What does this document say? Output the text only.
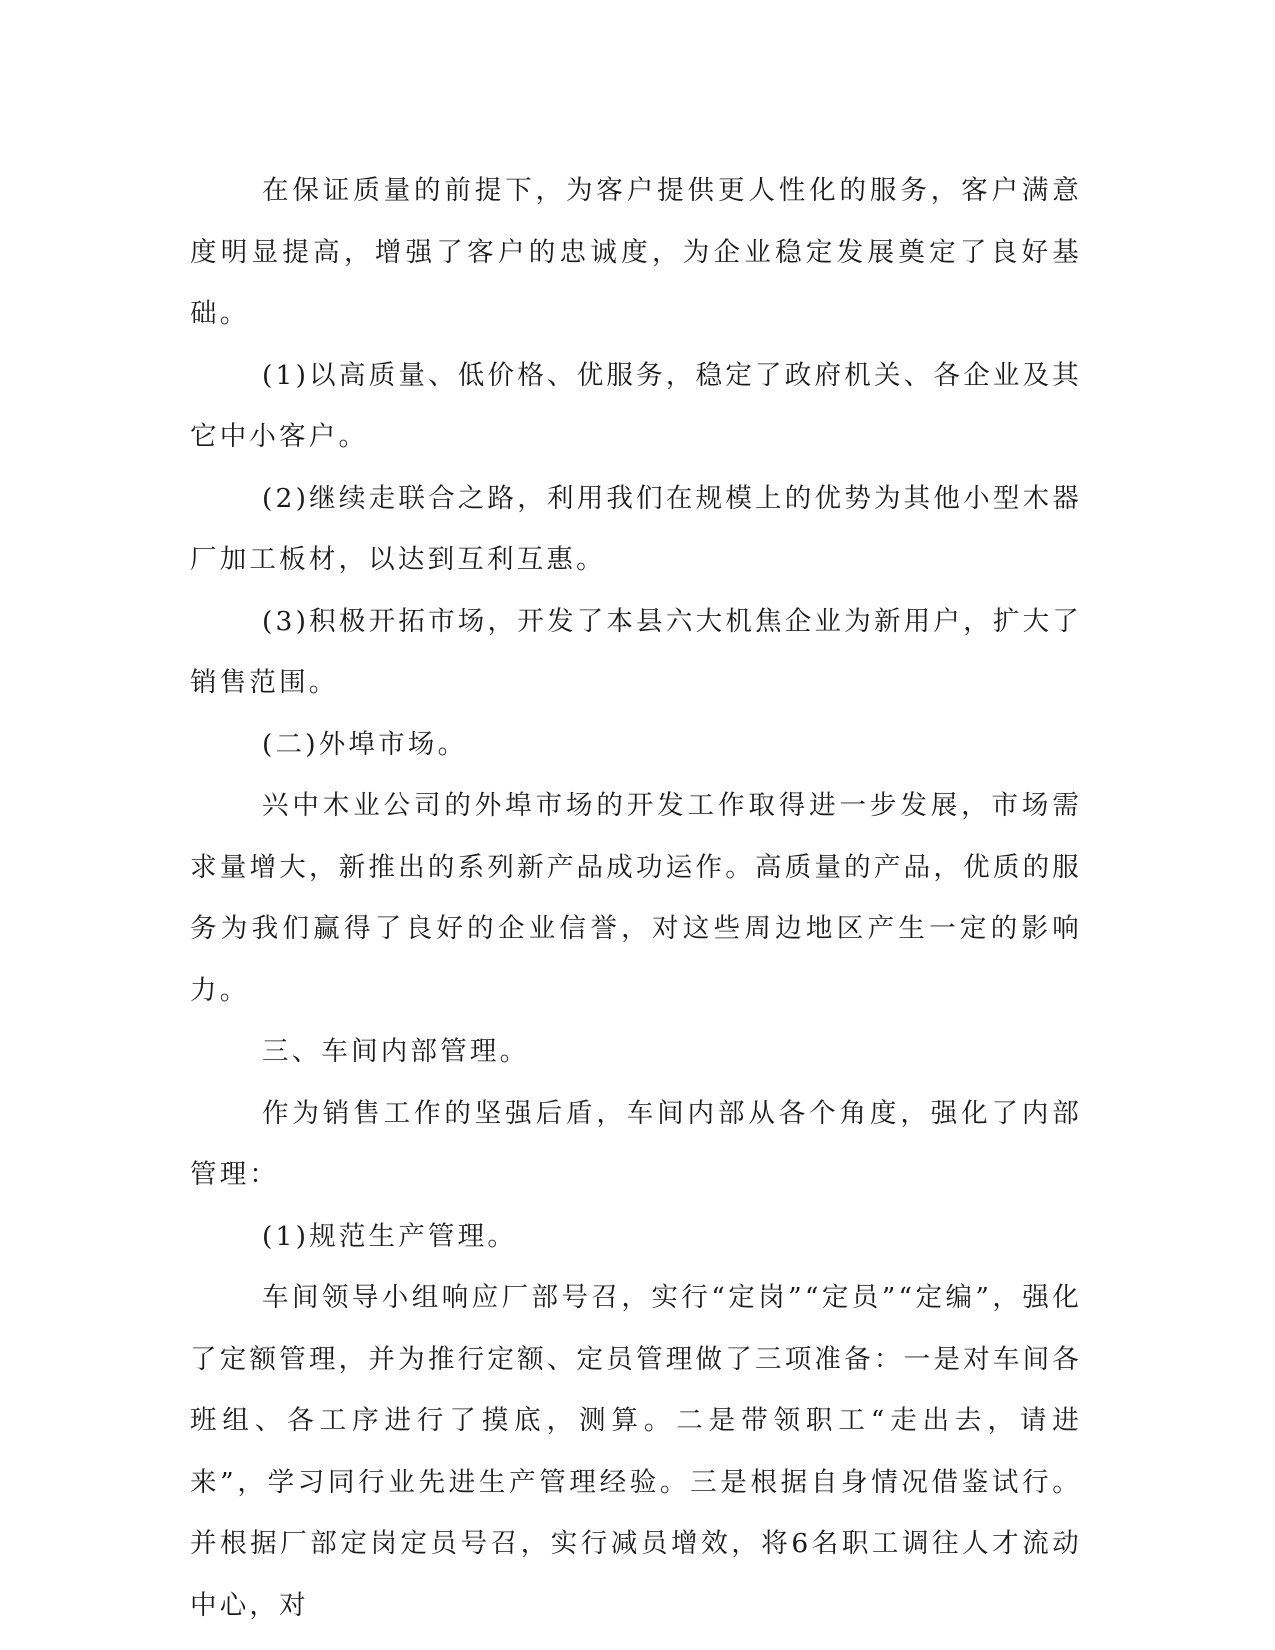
在保证质量的前提下，为客户提供更人性化的服务，客户满意度明显提高，增强了客户的忠诚度，为企业稳定发展奠定了良好基础。

(1)以高质量、低价格、优服务，稳定了政府机关、各企业及其它中小客户。

(2)继续走联合之路，利用我们在规模上的优势为其他小型木器厂加工板材，以达到互利互惠。

(3)积极开拓市场，开发了本县六大机焦企业为新用户，扩大了销售范围。

(二)外埠市场。

兴中木业公司的外埠市场的开发工作取得进一步发展，市场需求量增大，新推出的系列新产品成功运作。高质量的产品，优质的服务为我们赢得了良好的企业信誉，对这些周边地区产生一定的影响力。

三、车间内部管理。

作为销售工作的坚强后盾，车间内部从各个角度，强化了内部管理：

(1)规范生产管理。

车间领导小组响应厂部号召，实行“定岗”“定员”“定编”，强化了定额管理，并为推行定额、定员管理做了三项准备：一是对车间各班组、各工序进行了摸底，测算。二是带领职工“走出去，请进来”，学习同行业先进生产管理经验。三是根据自身情况借鉴试行。并根据厂部定岗定员号召，实行减员增效，将6名职工调往人才流动中心，对
